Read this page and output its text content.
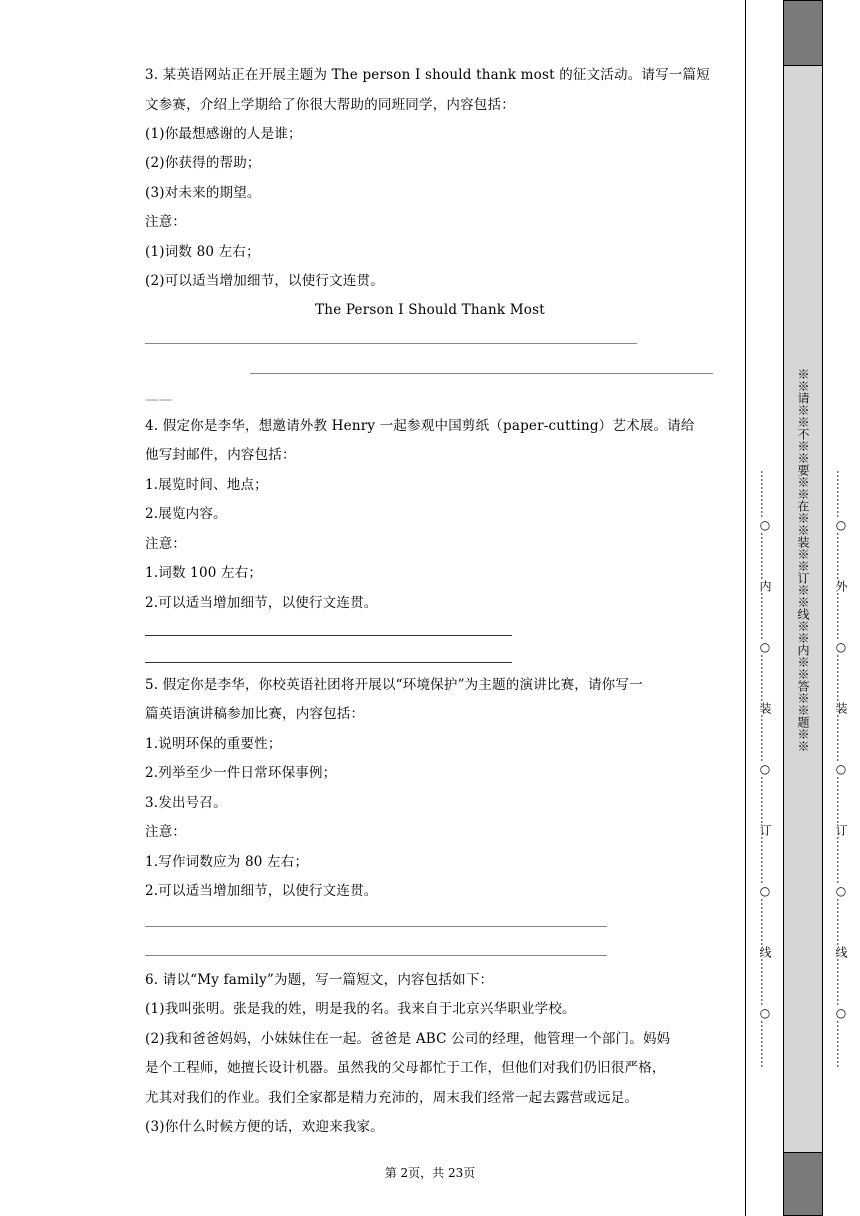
3. 某英语网站正在开展主题为 The person I should thank most 的征文活动。请写一篇短
文参赛，介绍上学期给了你很大帮助的同班同学，内容包括：
(1)你最想感谢的人是谁；
(2)你获得的帮助；
(3)对未来的期望。
注意：
(1)词数 80 左右；
(2)可以适当增加细节，以使行文连贯。
The Person I Should Thank Most
——
4. 假定你是李华，想邀请外教 Henry 一起参观中国剪纸（paper-cutting）艺术展。请给
他写封邮件，内容包括：
1.展览时间、地点；
2.展览内容。
注意：
1.词数 100 左右；
2.可以适当增加细节，以使行文连贯。
5. 假定你是李华，你校英语社团将开展以“环境保护”为主题的演讲比赛，请你写一
篇英语演讲稿参加比赛，内容包括：
1.说明环保的重要性；
2.列举至少一件日常环保事例；
3.发出号召。
注意：
1.写作词数应为 80 左右；
2.可以适当增加细节，以使行文连贯。
6. 请以“My family”为题，写一篇短文，内容包括如下：
(1)我叫张明。张是我的姓，明是我的名。我来自于北京兴华职业学校。
(2)我和爸爸妈妈，小妹妹住在一起。爸爸是 ABC 公司的经理，他管理一个部门。妈妈
是个工程师，她擅长设计机器。虽然我的父母都忙于工作，但他们对我们仍旧很严格，
尤其对我们的作业。我们全家都是精力充沛的，周末我们经常一起去露营或远足。
(3)你什么时候方便的话，欢迎来我家。
第 2页，共 23页
…………○…………内…………○…………装…………○…………订…………○…………线…………○………… ※※请※※不※※要※※在※※装※※订※※线※※内※※答※※题※※ …………○…………外…………○…………装…………○…………订…………○…………线…………○…………
